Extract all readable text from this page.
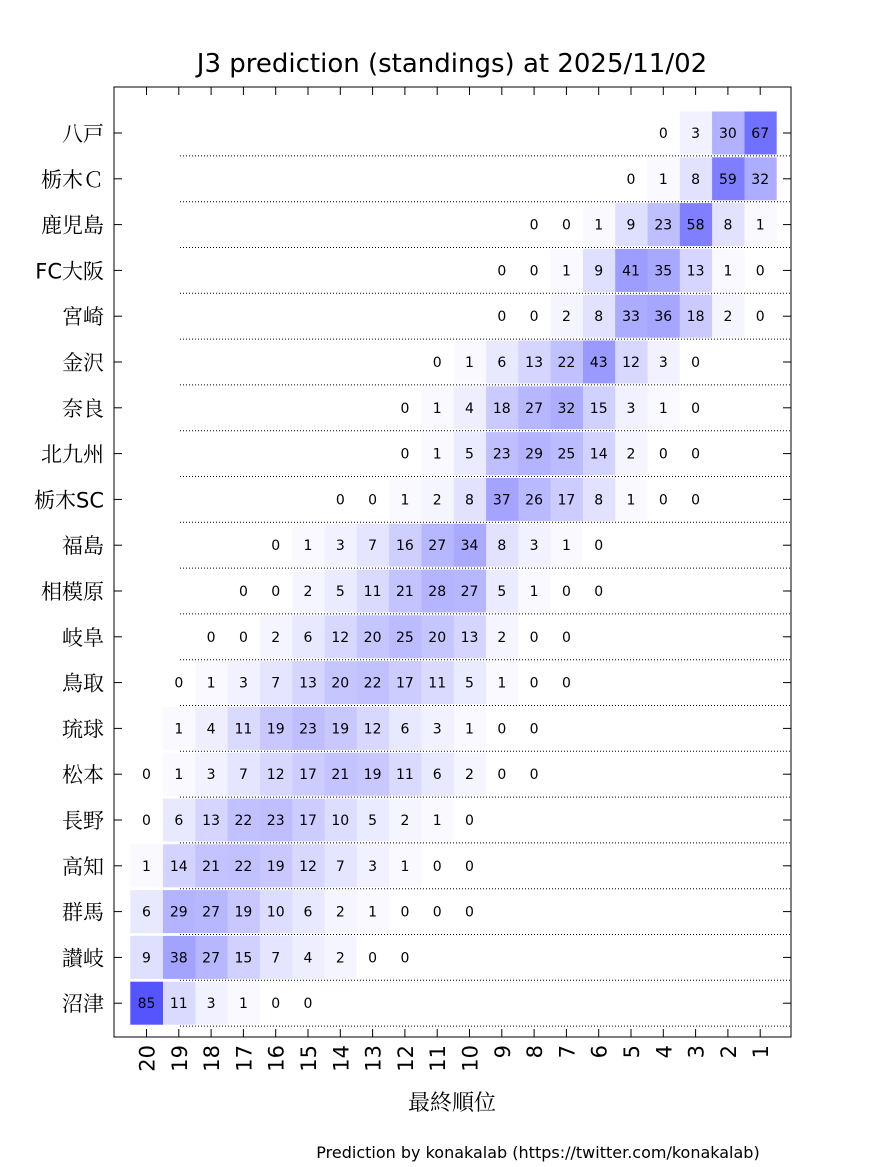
J3 prediction (standings) at 2025/11/02
67
30
3
0
32
59
8
1
0
1
8
58
23
9
1
0
0
0
1
13
35
41
9
1
0
0
0
2
18
36
33
8
2
0
0
0
3
12
43
22
13
6
1
0
0
1
3
15
32
27
18
4
1
0
0
0
2
14
25
29
23
5
1
0
0
0
1
8
17
26
37
8
2
1
0
0
0
1
3
8
34
27
16
7
3
1
0
0
0
1
5
27
28
21
11
5
2
0
0
0
0
2
13
20
25
20
12
6
2
0
0
0
0
1
5
11
17
22
20
13
7
3
1
0
0
0
1
3
6
12
19
23
19
11
4
1
0
0
2
6
11
19
21
17
12
7
3
1
0
0
1
2
5
10
17
23
22
13
6
0
0
0
1
3
7
12
19
22
21
14
1
0
0
0
1
2
6
10
19
27
29
6
0
0
2
4
7
15
27
38
9
0
0
1
3
11
85
八戸
栃木Ｃ
鹿児島
FC大阪
宮崎
金沢
奈良
北九州
栃木SC
福島
相模原
岐阜
鳥取
琉球
松本
長野
高知
群馬
讃岐
沼津
20 19 18 17 16 15 14 13 12 11 10 9 8 7 6 5 4 3 2 1
最終順位
Prediction by konakalab (https://twitter.com/konakalab)
